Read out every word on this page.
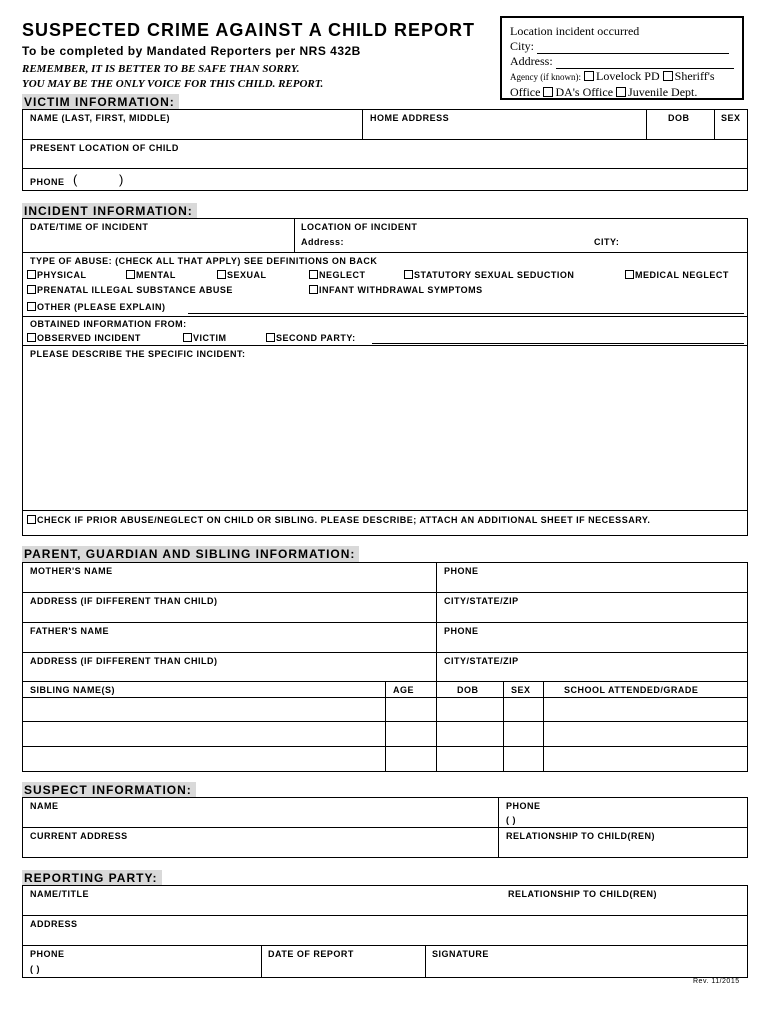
SUSPECTED CRIME AGAINST A CHILD REPORT
To be completed by Mandated Reporters per NRS 432B
REMEMBER, IT IS BETTER TO BE SAFE THAN SORRY.
YOU MAY BE THE ONLY VOICE FOR THIS CHILD. REPORT.
Location incident occurred
City:
Address:
Agency (if known): Lovelock PD Sheriff's
Office DA's Office Juvenile Dept.
VICTIM INFORMATION:
NAME (LAST, FIRST, MIDDLE)	HOME ADDRESS	DOB	SEX
PRESENT LOCATION OF CHILD
PHONE (	)
INCIDENT INFORMATION:
DATE/TIME OF INCIDENT	LOCATION OF INCIDENT
Address:	CITY:
TYPE OF ABUSE: (CHECK ALL THAT APPLY) SEE DEFINITIONS ON BACK
PHYSICAL	MENTAL	SEXUAL	NEGLECT	STATUTORY SEXUAL SEDUCTION	MEDICAL NEGLECT
PRENATAL ILLEGAL SUBSTANCE ABUSE	INFANT WITHDRAWAL SYMPTOMS
OTHER (PLEASE EXPLAIN)
OBTAINED INFORMATION FROM:
OBSERVED INCIDENT	VICTIM	SECOND PARTY:
PLEASE DESCRIBE THE SPECIFIC INCIDENT:
CHECK IF PRIOR ABUSE/NEGLECT ON CHILD OR SIBLING. PLEASE DESCRIBE; ATTACH AN ADDITIONAL SHEET IF NECESSARY.
PARENT, GUARDIAN AND SIBLING INFORMATION:
MOTHER'S NAME	PHONE
ADDRESS (IF DIFFERENT THAN CHILD)	CITY/STATE/ZIP
FATHER'S NAME	PHONE
ADDRESS (IF DIFFERENT THAN CHILD)	CITY/STATE/ZIP
SIBLING NAME(S)	AGE	DOB	SEX	SCHOOL ATTENDED/GRADE
SUSPECT INFORMATION:
NAME	PHONE
( )
CURRENT ADDRESS	RELATIONSHIP TO CHILD(REN)
REPORTING PARTY:
NAME/TITLE	RELATIONSHIP TO CHILD(REN)
ADDRESS
PHONE
( )
DATE OF REPORT	SIGNATURE
Rev. 11/2015
